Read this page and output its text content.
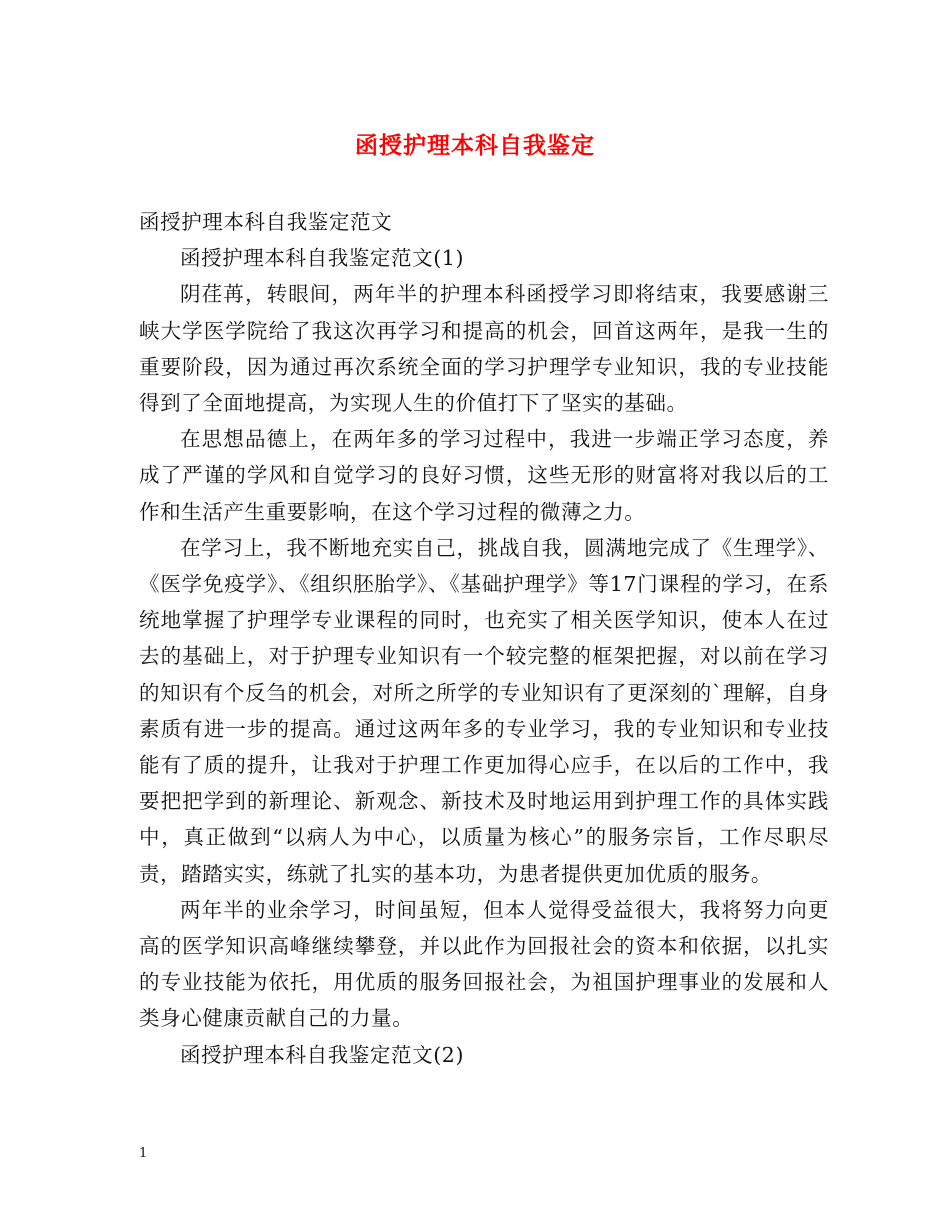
函授护理本科自我鉴定

函授护理本科自我鉴定范文

函授护理本科自我鉴定范文(1)

阴荏苒，转眼间，两年半的护理本科函授学习即将结束，我要感谢三峡大学医学院给了我这次再学习和提高的机会，回首这两年，是我一生的重要阶段，因为通过再次系统全面的学习护理学专业知识，我的专业技能得到了全面地提高，为实现人生的价值打下了坚实的基础。

在思想品德上，在两年多的学习过程中，我进一步端正学习态度，养成了严谨的学风和自觉学习的良好习惯，这些无形的财富将对我以后的工作和生活产生重要影响，在这个学习过程的微薄之力。

在学习上，我不断地充实自己，挑战自我，圆满地完成了《生理学》、《医学免疫学》、《组织胚胎学》、《基础护理学》等17门课程的学习，在系统地掌握了护理学专业课程的同时，也充实了相关医学知识，使本人在过去的基础上，对于护理专业知识有一个较完整的框架把握，对以前在学习的知识有个反刍的机会，对所之所学的专业知识有了更深刻的`理解，自身素质有进一步的提高。通过这两年多的专业学习，我的专业知识和专业技能有了质的提升，让我对于护理工作更加得心应手，在以后的工作中，我要把把学到的新理论、新观念、新技术及时地运用到护理工作的具体实践中，真正做到“以病人为中心，以质量为核心”的服务宗旨，工作尽职尽责，踏踏实实，练就了扎实的基本功，为患者提供更加优质的服务。

两年半的业余学习，时间虽短，但本人觉得受益很大，我将努力向更高的医学知识高峰继续攀登，并以此作为回报社会的资本和依据，以扎实的专业技能为依托，用优质的服务回报社会，为祖国护理事业的发展和人类身心健康贡献自己的力量。

函授护理本科自我鉴定范文(2)

1
